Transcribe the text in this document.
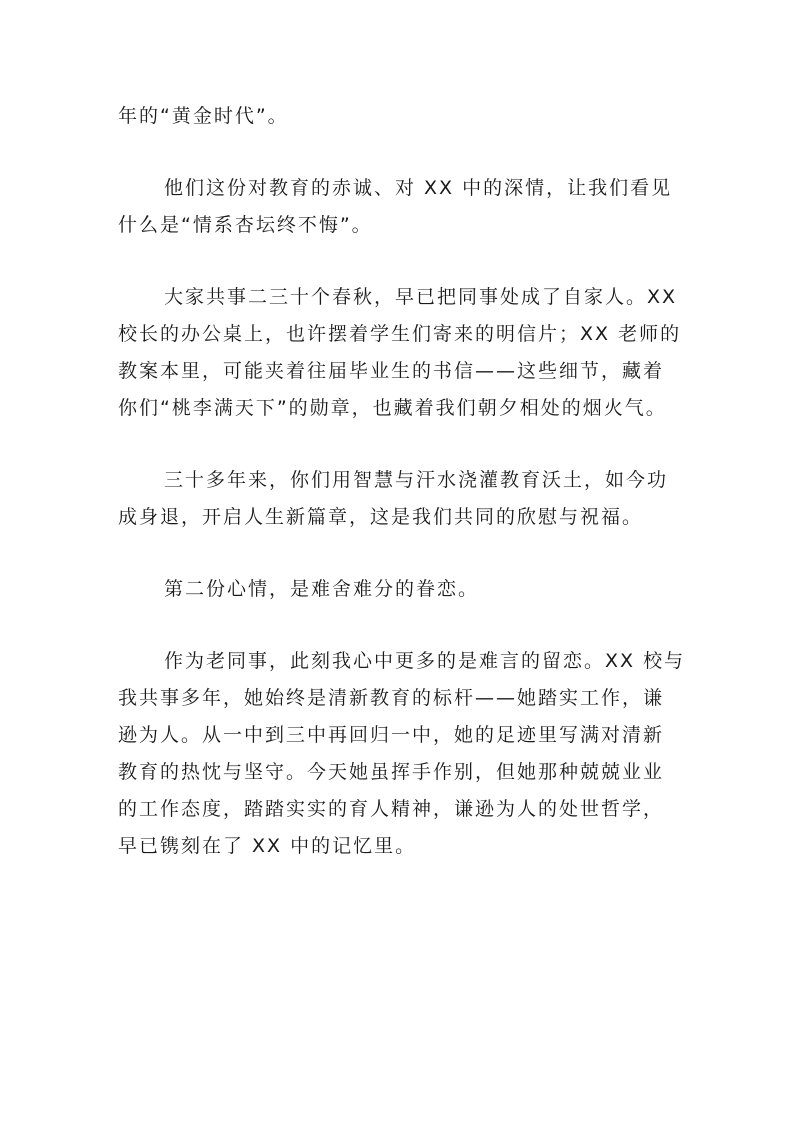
年的“黄金时代”。
他们这份对教育的赤诚、对 XX 中的深情，让我们看见
什么是“情系杏坛终不悔”。
大家共事二三十个春秋，早已把同事处成了自家人。XX
校长的办公桌上，也许摆着学生们寄来的明信片；XX 老师的
教案本里，可能夹着往届毕业生的书信——这些细节，藏着
你们“桃李满天下”的勋章，也藏着我们朝夕相处的烟火气。
三十多年来，你们用智慧与汗水浇灌教育沃土，如今功
成身退，开启人生新篇章，这是我们共同的欣慰与祝福。
第二份心情，是难舍难分的眷恋。
作为老同事，此刻我心中更多的是难言的留恋。XX 校与
我共事多年，她始终是清新教育的标杆——她踏实工作，谦
逊为人。从一中到三中再回归一中，她的足迹里写满对清新
教育的热忱与坚守。今天她虽挥手作别，但她那种兢兢业业
的工作态度，踏踏实实的育人精神，谦逊为人的处世哲学，
早已镌刻在了 XX 中的记忆里。
